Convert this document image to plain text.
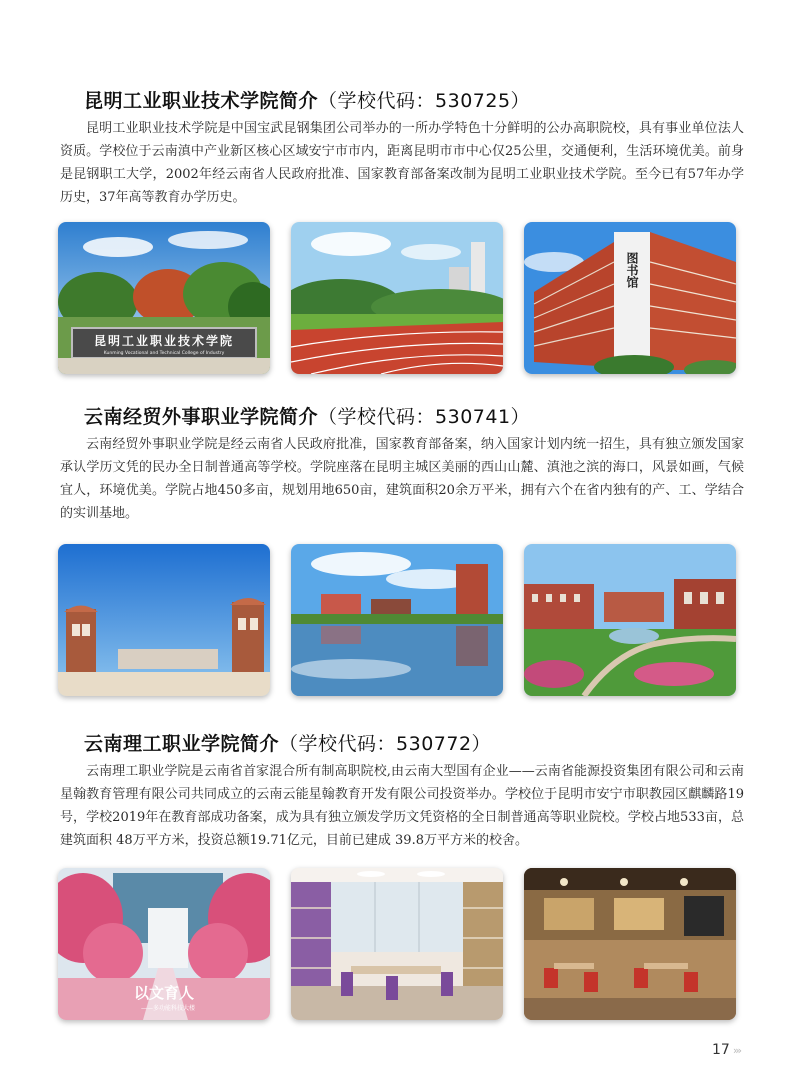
昆明工业职业技术学院简介（学校代码：530725）
昆明工业职业技术学院是中国宝武昆钢集团公司举办的一所办学特色十分鲜明的公办高职院校，具有事业单位法人资质。学校位于云南滇中产业新区核心区域安宁市市内，距离昆明市市中心仅25公里，交通便利，生活环境优美。前身是昆钢职工大学，2002年经云南省人民政府批准、国家教育部备案改制为昆明工业职业技术学院。至今已有57年办学历史，37年高等教育办学历史。
昆明工业职业技术学院
Kunming Vocational and Technical College of Industry
图书馆
云南经贸外事职业学院简介（学校代码：530741）
云南经贸外事职业学院是经云南省人民政府批准，国家教育部备案，纳入国家计划内统一招生，具有独立颁发国家承认学历文凭的民办全日制普通高等学校。学院座落在昆明主城区美丽的西山山麓、滇池之滨的海口，风景如画，气候宜人，环境优美。学院占地450多亩，规划用地650亩，建筑面积20余万平米，拥有六个在省内独有的产、工、学结合的实训基地。
云南理工职业学院简介（学校代码：530772）
云南理工职业学院是云南省首家混合所有制高职院校,由云南大型国有企业——云南省能源投资集团有限公司和云南星翰教育管理有限公司共同成立的云南云能星翰教育开发有限公司投资举办。学校位于昆明市安宁市职教园区麒麟路19号，学校2019年在教育部成功备案，成为具有独立颁发学历文凭资格的全日制普通高等职业院校。学校占地533亩，总建筑面积 48万平方米，投资总额19.71亿元，目前已建成 39.8万平方米的校舍。
以文育人
——多功能科技大楼
17 ›››
